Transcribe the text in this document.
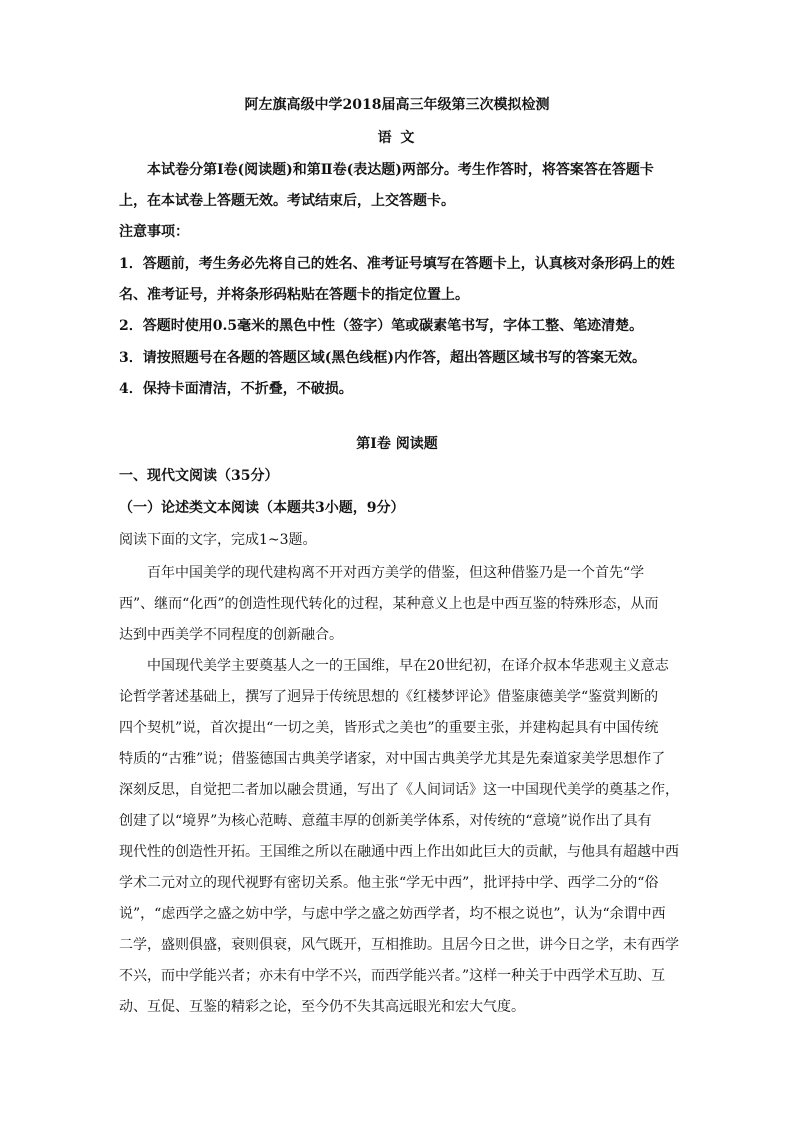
阿左旗高级中学2018届高三年级第三次模拟检测
语 文
本试卷分第Ⅰ卷(阅读题)和第Ⅱ卷(表达题)两部分。考生作答时，将答案答在答题卡
上，在本试卷上答题无效。考试结束后，上交答题卡。
注意事项：
1．答题前，考生务必先将自己的姓名、准考证号填写在答题卡上，认真核对条形码上的姓
名、准考证号，并将条形码粘贴在答题卡的指定位置上。
2．答题时使用0.5毫米的黑色中性（签字）笔或碳素笔书写，字体工整、笔迹清楚。
3．请按照题号在各题的答题区域(黑色线框)内作答，超出答题区域书写的答案无效。
4．保持卡面清洁，不折叠，不破损。
第Ⅰ卷 阅读题
一、现代文阅读（35分）
（一）论述类文本阅读（本题共3小题，9分）
阅读下面的文字，完成1~3题。
百年中国美学的现代建构离不开对西方美学的借鉴，但这种借鉴乃是一个首先“学
西”、继而“化西”的创造性现代转化的过程，某种意义上也是中西互鉴的特殊形态，从而
达到中西美学不同程度的创新融合。
中国现代美学主要奠基人之一的王国维，早在20世纪初，在译介叔本华悲观主义意志
论哲学著述基础上，撰写了迥异于传统思想的《红楼梦评论》借鉴康德美学“鉴赏判断的
四个契机”说，首次提出“一切之美，皆形式之美也”的重要主张，并建构起具有中国传统
特质的“古雅”说；借鉴德国古典美学诸家，对中国古典美学尤其是先秦道家美学思想作了
深刻反思，自觉把二者加以融会贯通，写出了《人间词话》这一中国现代美学的奠基之作，
创建了以“境界”为核心范畴、意蕴丰厚的创新美学体系，对传统的“意境”说作出了具有
现代性的创造性开拓。王国维之所以在融通中西上作出如此巨大的贡献，与他具有超越中西
学术二元对立的现代视野有密切关系。他主张“学无中西”，批评持中学、西学二分的“俗
说”，“虑西学之盛之妨中学，与虑中学之盛之妨西学者，均不根之说也”，认为“余谓中西
二学，盛则俱盛，衰则俱衰，风气既开，互相推助。且居今日之世，讲今日之学，未有西学
不兴，而中学能兴者；亦未有中学不兴，而西学能兴者。”这样一种关于中西学术互助、互
动、互促、互鉴的精彩之论，至今仍不失其高远眼光和宏大气度。
